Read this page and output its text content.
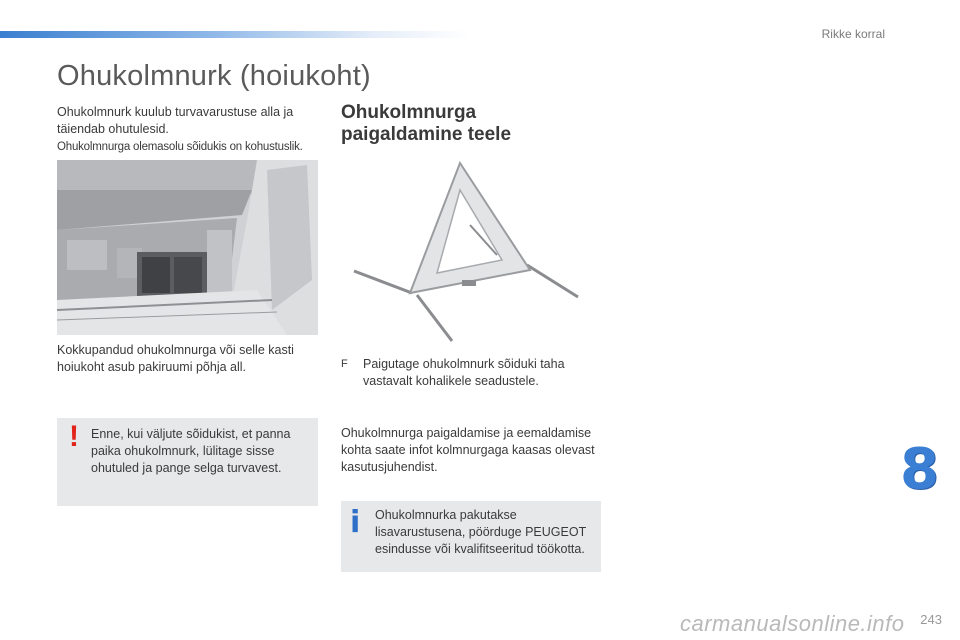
Rikke korral
Ohukolmnurk (hoiukoht)

Ohukolmnurk kuulub turvavarustuse alla ja täiendab ohutulesid.
Ohukolmnurga olemasolu sõidukis on kohustuslik.

Kokkupandud ohukolmnurga või selle kasti hoiukoht asub pakiruumi põhja all.

! Enne, kui väljute sõidukist, et panna paika ohukolmnurk, lülitage sisse ohutuled ja pange selga turvavest.
Ohukolmnurga
paigaldamine teele
F Paigutage ohukolmnurk sõiduki taha vastavalt kohalikele seadustele.

Ohukolmnurga paigaldamise ja eemaldamise kohta saate infot kolmnurgaga kaasas olevast kasutusjuhendist.

i Ohukolmnurka pakutakse lisavarustusena, pöörduge PEUGEOT esindusse või kvalifitseeritud töökotta.
8
carmanualsonline.info 243
